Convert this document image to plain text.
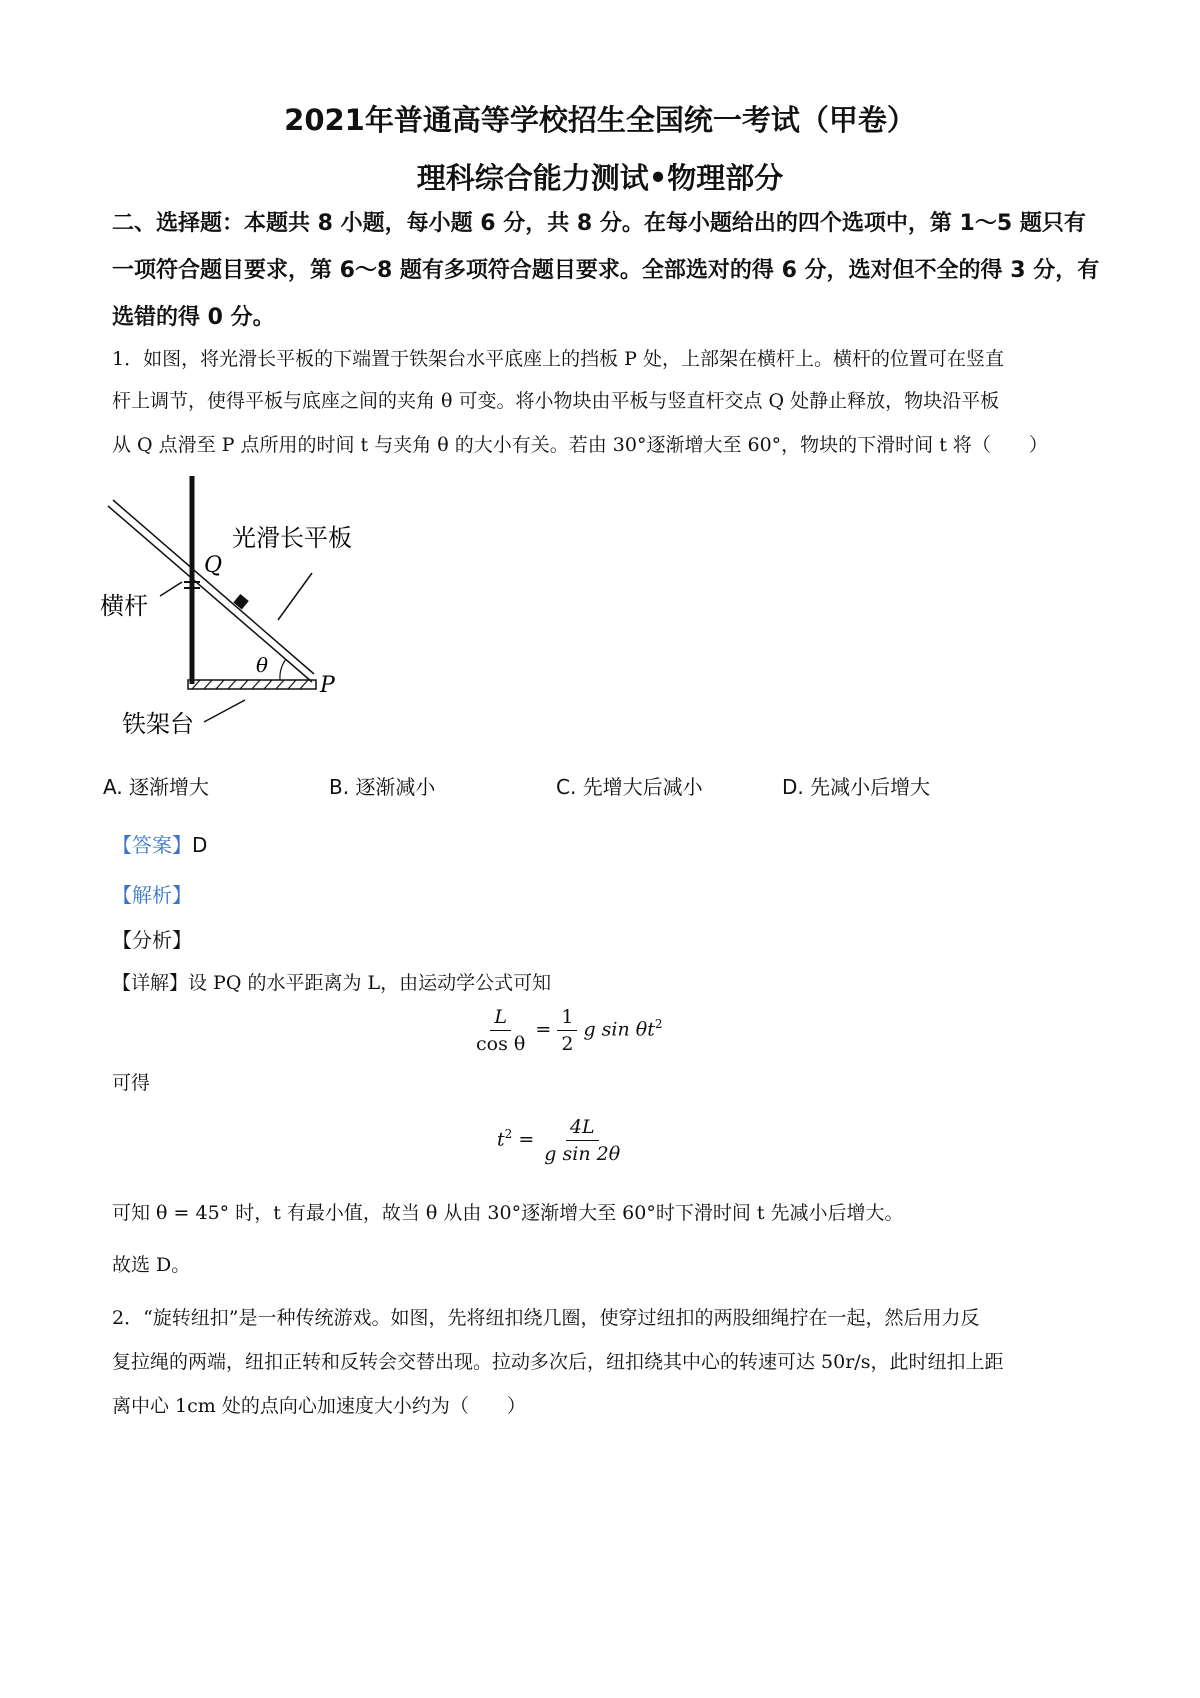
2021年普通高等学校招生全国统一考试（甲卷）
理科综合能力测试•物理部分
二、选择题：本题共 8 小题，每小题 6 分，共 8 分。在每小题给出的四个选项中，第 1～5 题只有一项符合题目要求，第 6～8 题有多项符合题目要求。全部选对的得 6 分，选对但不全的得 3 分，有选错的得 0 分。
1．如图，将光滑长平板的下端置于铁架台水平底座上的挡板 P 处，上部架在横杆上。横杆的位置可在竖直
杆上调节，使得平板与底座之间的夹角 θ 可变。将小物块由平板与竖直杆交点 Q 处静止释放，物块沿平板
从 Q 点滑至 P 点所用的时间 t 与夹角 θ 的大小有关。若由 30°逐渐增大至 60°，物块的下滑时间 t 将（　　）
光滑长平板
横杆
铁架台
Q
P
θ
A. 逐渐增大	B. 逐渐减小	C. 先增大后减小	D. 先减小后增大
【答案】D
【解析】
【分析】
【详解】设 PQ 的水平距离为 L，由运动学公式可知
$\frac{L}{\text{cos θ}} = \frac{1}{2}$ g $\sin \theta t^2$
可得
$t^2 = \frac{4L}{\text{g sin 2θ}}$
可知 θ = 45° 时，t 有最小值，故当 θ 从由 30°逐渐增大至 60°时下滑时间 t 先减小后增大。
故选 D。
2．“旋转纽扣”是一种传统游戏。如图，先将纽扣绕几圈，使穿过纽扣的两股细绳拧在一起，然后用力反
复拉绳的两端，纽扣正转和反转会交替出现。拉动多次后，纽扣绕其中心的转速可达 50r/s，此时纽扣上距
离中心 1cm 处的点向心加速度大小约为（　　）
